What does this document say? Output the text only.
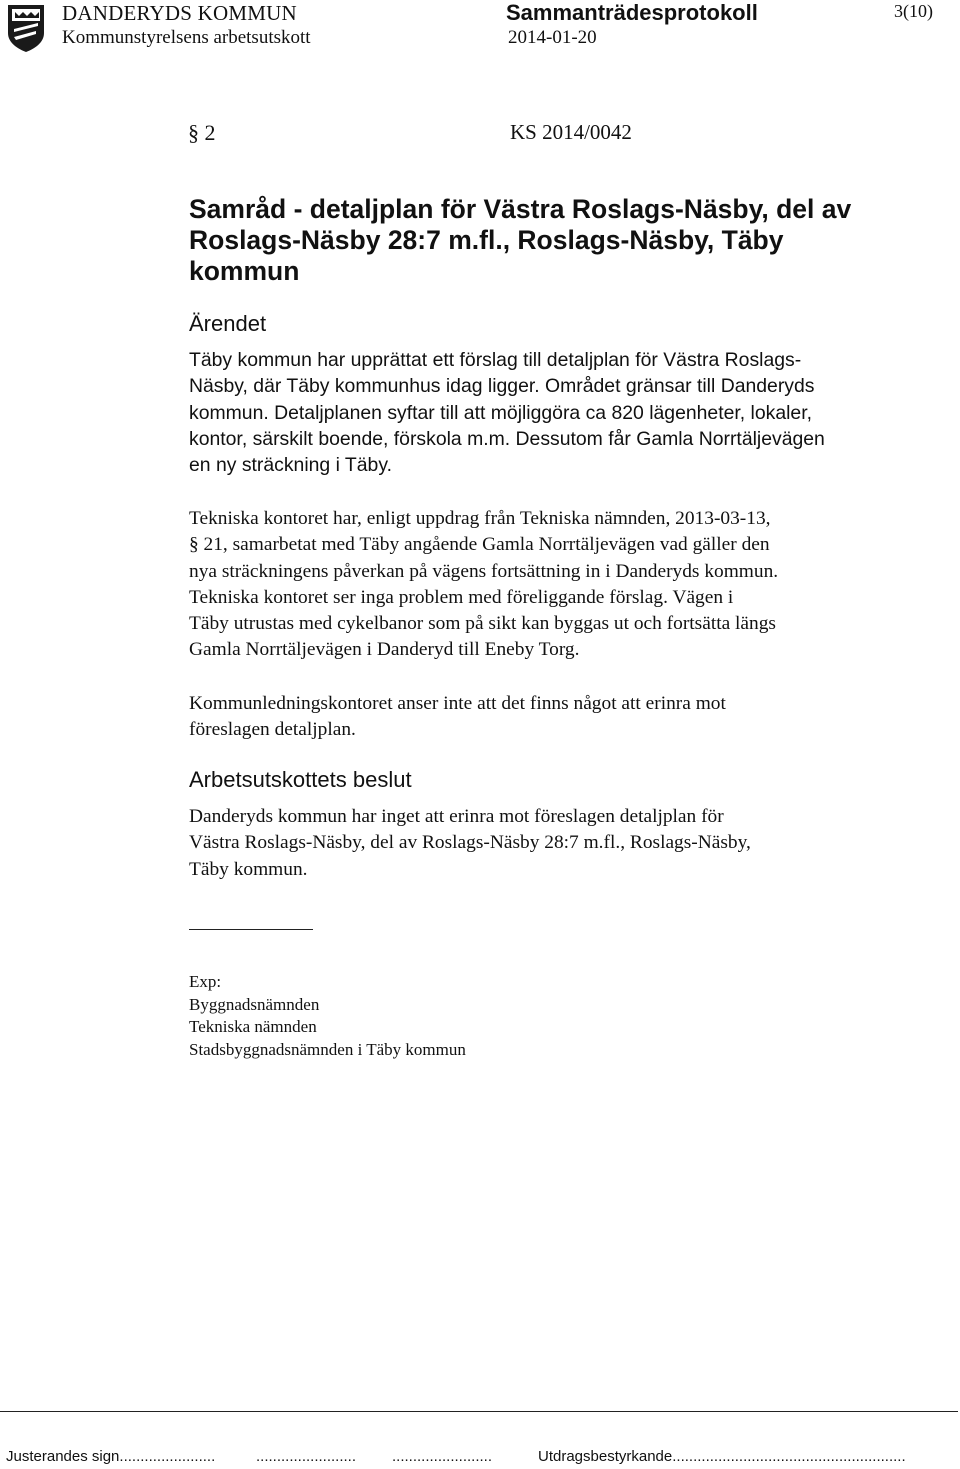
DANDERYDS KOMMUN
Kommunstyrelsens arbetsutskott
Sammanträdesprotokoll
2014-01-20
3(10)
§ 2	KS 2014/0042
Samråd - detaljplan för Västra Roslags-Näsby, del av Roslags-Näsby 28:7 m.fl., Roslags-Näsby, Täby kommun
Ärendet

Täby kommun har upprättat ett förslag till detaljplan för Västra Roslags-
Näsby, där Täby kommunhus idag ligger. Området gränsar till Danderyds
kommun. Detaljplanen syftar till att möjliggöra ca 820 lägenheter, lokaler,
kontor, särskilt boende, förskola m.m. Dessutom får Gamla Norrtäljevägen
en ny sträckning i Täby.

Tekniska kontoret har, enligt uppdrag från Tekniska nämnden, 2013-03-13,
§ 21, samarbetat med Täby angående Gamla Norrtäljevägen vad gäller den
nya sträckningens påverkan på vägens fortsättning in i Danderyds kommun.
Tekniska kontoret ser inga problem med föreliggande förslag. Vägen i
Täby utrustas med cykelbanor som på sikt kan byggas ut och fortsätta längs
Gamla Norrtäljevägen i Danderyd till Eneby Torg.

Kommunledningskontoret anser inte att det finns något att erinra mot
föreslagen detaljplan.

Arbetsutskottets beslut

Danderyds kommun har inget att erinra mot föreslagen detaljplan för
Västra Roslags-Näsby, del av Roslags-Näsby 28:7 m.fl., Roslags-Näsby,
Täby kommun.

Exp:
Byggnadsnämnden
Tekniska nämnden
Stadsbyggnadsnämnden i Täby kommun
Justerandes sign.......................	........................ ........................	Utdragsbestyrkande........................................................
